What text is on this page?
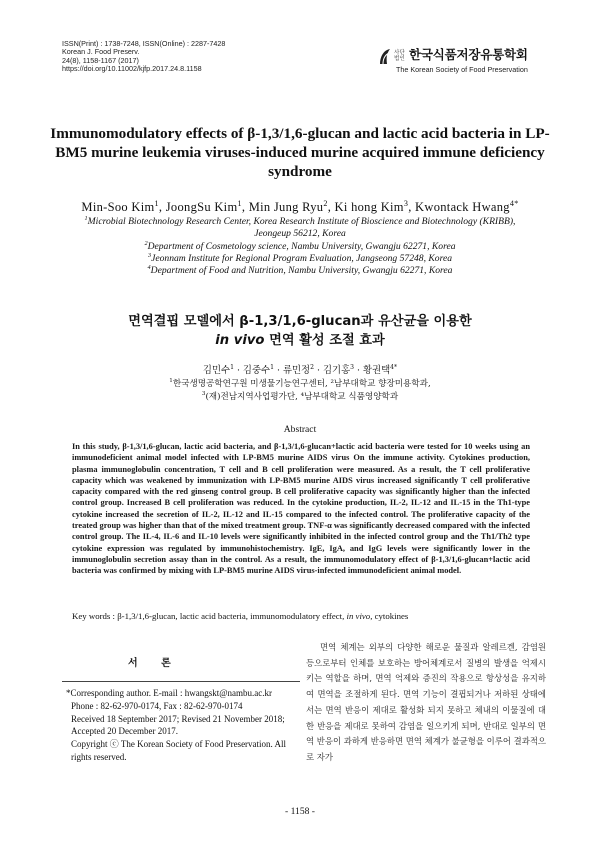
ISSN(Print) : 1738-7248, ISSN(Online) : 2287-7428
Korean J. Food Preserv.
24(8), 1158-1167 (2017)
https://doi.org/10.11002/kjfp.2017.24.8.1158
사단 법인 한국식품저장유통학회
The Korean Society of Food Preservation
Immunomodulatory effects of β-1,3/1,6-glucan and lactic acid bacteria in LP-BM5 murine leukemia viruses-induced murine acquired immune deficiency syndrome
Min-Soo Kim$^1$, JoongSu Kim$^1$, Min Jung Ryu$^2$, Ki hong Kim$^3$, Kwontack Hwang$^{4*}$
$^1$Microbial Biotechnology Research Center, Korea Research Institute of Bioscience and Biotechnology (KRIBB),
Jeongeup 56212, Korea
$^2$Department of Cosmetology science, Nambu University, Gwangju 62271, Korea
$^3$Jeonnam Institute for Regional Program Evaluation, Jangseong 57248, Korea
$^4$Department of Food and Nutrition, Nambu University, Gwangju 62271, Korea
면역결핍 모델에서 β-1,3/1,6-glucan과 유산균을 이용한
in vivo 면역 활성 조절 효과
김민수$^1$ · 김중수$^1$ · 류민정$^2$ · 김기홍$^3$ · 황권택$^{4*}$
$^1$한국생명공학연구원 미생물기능연구센터, ²남부대학교 향장미용학과,
$^3$(재)전남지역사업평가단, ⁴남부대학교 식품영양학과
Abstract
In this study, β-1,3/1,6-glucan, lactic acid bacteria, and β-1,3/1,6-glucan+lactic acid bacteria were tested for 10 weeks using an immunodeficient animal model infected with LP-BM5 murine AIDS virus On the immune activity. Cytokines production, plasma immunoglobulin concentration, T cell and B cell proliferation were measured. As a result, the T cell proliferative capacity which was weakened by immunization with LP-BM5 murine AIDS virus increased significantly T cell proliferative capacity compared with the red ginseng control group. B cell proliferative capacity was significantly higher than the infected control group. Increased B cell proliferation was reduced. In the cytokine production, IL-2, IL-12 and IL-15 in the Th1-type cytokine increased the secretion of IL-2, IL-12 and IL-15 compared to the infected control. The proliferative capacity of the treated group was higher than that of the mixed treatment group. TNF-α was significantly decreased compared with the infected control group. The IL-4, IL-6 and IL-10 levels were significantly inhibited in the infected control group and the Th1/Th2 type cytokine expression was regulated by immunohistochemistry. IgE, IgA, and IgG levels were significantly lower in the immunoglobulin secretion assay than in the control. As a result, the immunomodulatory effect of β-1,3/1,6-glucan+lactic acid bacteria was confirmed by mixing with LP-BM5 murine AIDS virus-infected immunodeficient animal model.
Key words : β-1,3/1,6-glucan, lactic acid bacteria, immunomodulatory effect, in vivo, cytokines
서 론
*Corresponding author. E-mail : hwangskt@nambu.ac.kr
Phone : 82-62-970-0174, Fax : 82-62-970-0174
Received 18 September 2017; Revised 21 November 2018;
Accepted 20 December 2017.
Copyright ⓒ The Korean Society of Food Preservation. All rights reserved.
면역 체계는 외부의 다양한 해로운 물질과 알레르겐, 감염원 등으로부터 인체를 보호하는 방어체계로서 질병의 발생을 억제시키는 역할을 하며, 면역 억제와 증진의 작용으로 항상성을 유지하여 면역을 조절하게 된다. 면역 기능이 결핍되거나 저하된 상태에서는 면역 반응이 제대로 활성화 되지 못하고 체내의 이물질에 대한 반응을 제대로 못하여 감염을 일으키게 되며, 반대로 일부의 면역 반응이 과하게 반응하면 면역 체계가 불균형을 이루어 결과적으로 자가
- 1158 -
